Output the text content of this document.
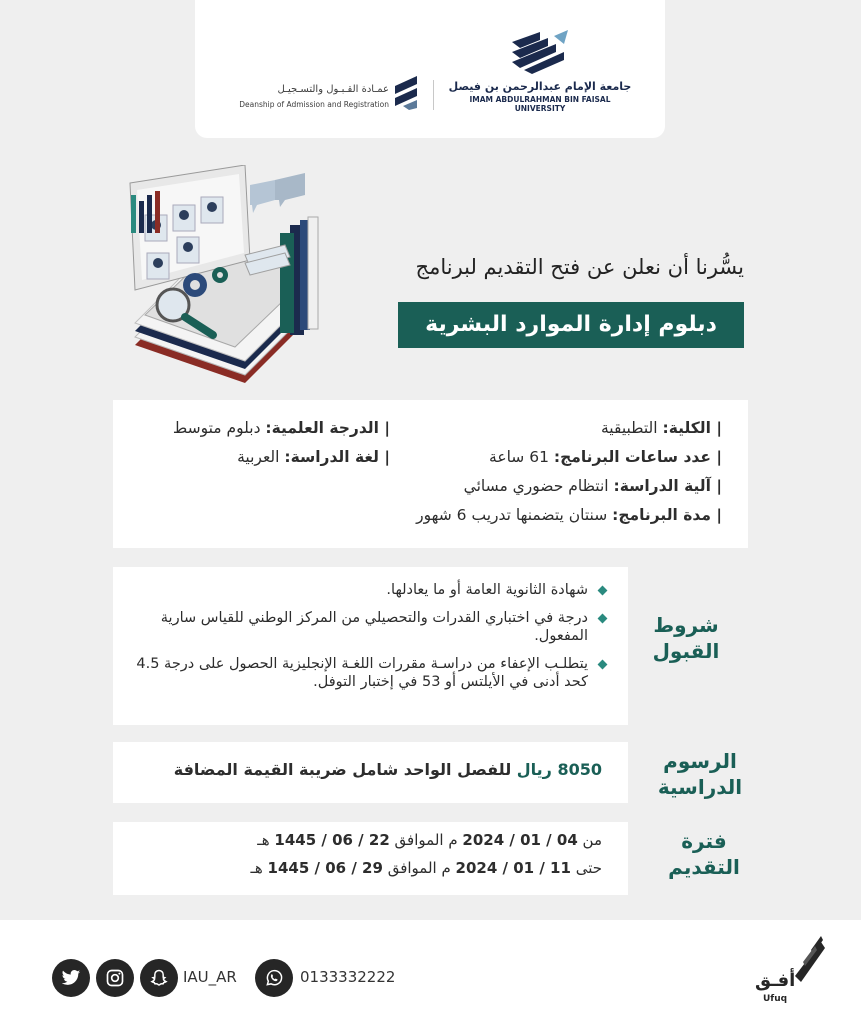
جامعة الإمام عبدالرحمن بن فيصل
IMAM ABDULRAHMAN BIN FAISAL UNIVERSITY
عمـادة القـبـول والتسـجيـل
Deanship of Admission and Registration
يسُّرنا أن نعلن عن فتح التقديم لبرنامج
دبلوم إدارة الموارد البشرية
| الكلية: التطبيقية
| عدد ساعات البرنامج: 61 ساعة
| آلية الدراسة: انتظام حضوري مسائي
| مدة البرنامج: سنتان يتضمنها تدريب 6 شهور
| الدرجة العلمية: دبلوم متوسط
| لغة الدراسة: العربية
شروط
القبول
شهادة الثانوية العامة أو ما يعادلها.
درجة في اختباري القدرات والتحصيلي من المركز الوطني للقياس سارية المفعول.
يتطلـب الإعفاء من دراسـة مقررات اللغـة الإنجليزية الحصول على درجة 4.5 كحد أدنى في الأيلتس أو 53 في إختبار التوفل.
الرسوم
الدراسية
8050 ريال للفصل الواحد شامل ضريبة القيمة المضافة
فترة
التقديم
من 04 / 01 / 2024 م الموافق 22 / 06 / 1445 هـ
حتى 11 / 01 / 2024 م الموافق 29 / 06 / 1445 هـ
IAU_AR	0133332222	أفـق
Ufuq
